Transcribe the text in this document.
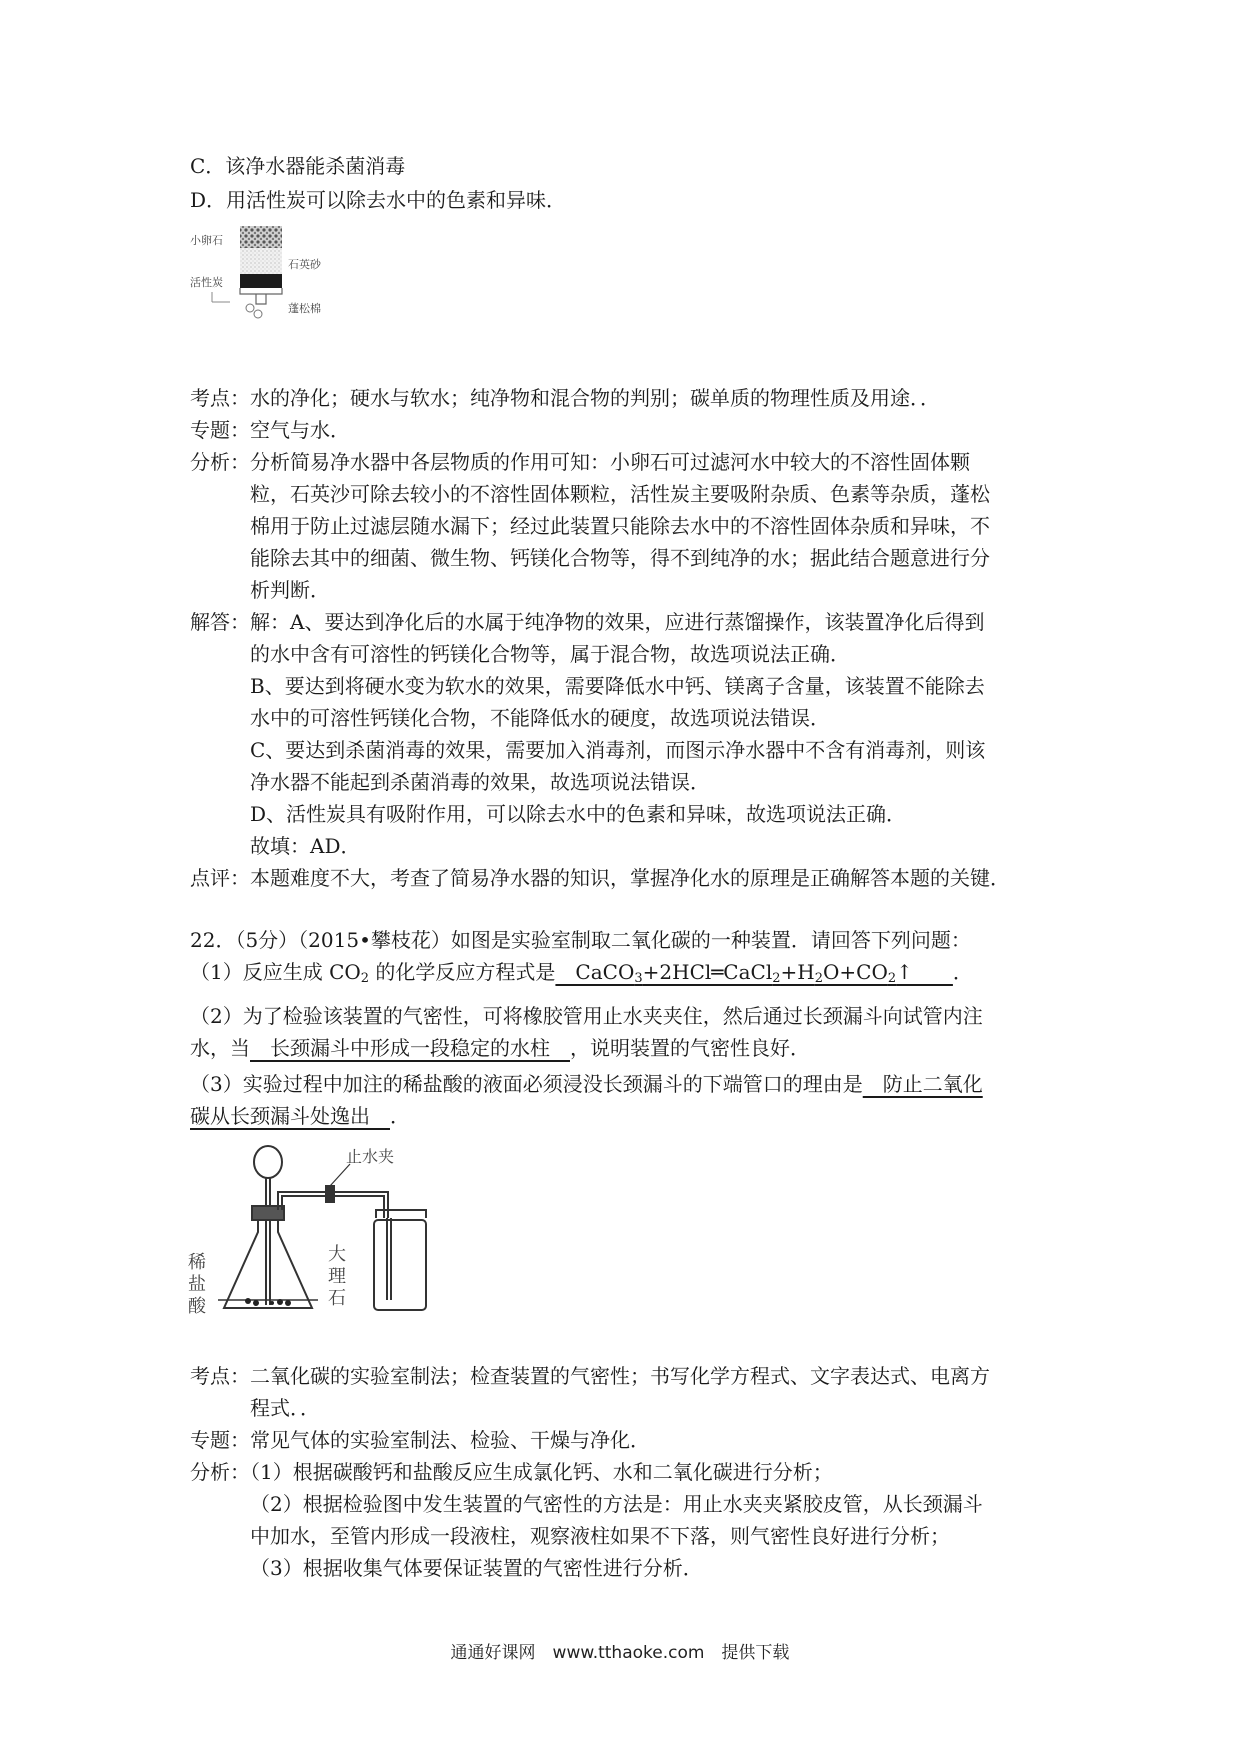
C．该净水器能杀菌消毒
D．用活性炭可以除去水中的色素和异味．
小卵石
石英砂
活性炭
蓬松棉
考点：水的净化；硬水与软水；纯净物和混合物的判别；碳单质的物理性质及用途．．
专题：空气与水．
分析：分析简易净水器中各层物质的作用可知：小卵石可过滤河水中较大的不溶性固体颗
粒，石英沙可除去较小的不溶性固体颗粒，活性炭主要吸附杂质、色素等杂质，蓬松
棉用于防止过滤层随水漏下；经过此装置只能除去水中的不溶性固体杂质和异味，不
能除去其中的细菌、微生物、钙镁化合物等，得不到纯净的水；据此结合题意进行分
析判断．
解答：解：A、要达到净化后的水属于纯净物的效果，应进行蒸馏操作，该装置净化后得到
的水中含有可溶性的钙镁化合物等，属于混合物，故选项说法正确．
B、要达到将硬水变为软水的效果，需要降低水中钙、镁离子含量，该装置不能除去
水中的可溶性钙镁化合物，不能降低水的硬度，故选项说法错误．
C、要达到杀菌消毒的效果，需要加入消毒剂，而图示净水器中不含有消毒剂，则该
净水器不能起到杀菌消毒的效果，故选项说法错误．
D、活性炭具有吸附作用，可以除去水中的色素和异味，故选项说法正确．
故填：AD．
点评：本题难度不大，考查了简易净水器的知识，掌握净化水的原理是正确解答本题的关键．
22．（5分）（2015•攀枝花）如图是实验室制取二氧化碳的一种装置．请回答下列问题：
（1）反应生成 $CO_2$ 的化学反应方程式是　$CaCO_3+2HCl═CaCl_2+H_2O+CO_2↑$　　．
（2）为了检验该装置的气密性，可将橡胶管用止水夹夹住，然后通过长颈漏斗向试管内注
水，当　长颈漏斗中形成一段稳定的水柱　，说明装置的气密性良好．
（3）实验过程中加注的稀盐酸的液面必须浸没长颈漏斗的下端管口的理由是　防止二氧化
碳从长颈漏斗处逸出　．
止水夹
稀
盐
酸
大
理
石
考点：二氧化碳的实验室制法；检查装置的气密性；书写化学方程式、文字表达式、电离方
程式．．
专题：常见气体的实验室制法、检验、干燥与净化．
分析：（1）根据碳酸钙和盐酸反应生成氯化钙、水和二氧化碳进行分析；
（2）根据检验图中发生装置的气密性的方法是：用止水夹夹紧胶皮管，从长颈漏斗
中加水，至管内形成一段液柱，观察液柱如果不下落，则气密性良好进行分析；
（3）根据收集气体要保证装置的气密性进行分析．
通通好课网　www.tthaoke.com　提供下载
